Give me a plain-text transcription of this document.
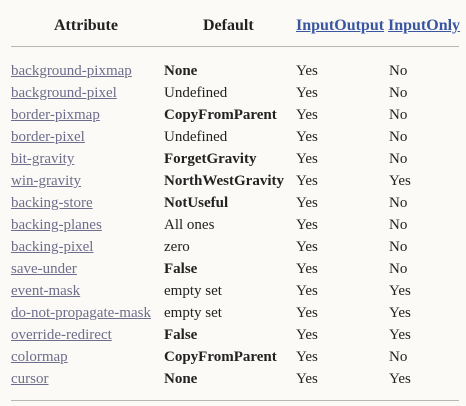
Attribute	Default	InputOutput InputOnly
background-pixmap None	Yes	No
background-pixel	Undefined	Yes	No
border-pixmap	CopyFromParent Yes	No
border-pixel	Undefined	Yes	No
bit-gravity	ForgetGravity	Yes	No
win-gravity	NorthWestGravity Yes	Yes
backing-store	NotUseful	Yes	No
backing-planes	All ones	Yes	No
backing-pixel	zero	Yes	No
save-under	False	Yes	No
event-mask	empty set	Yes	Yes
do-not-propagate-mask empty set	Yes	Yes
override-redirect	False	Yes	Yes
colormap	CopyFromParent Yes	No
cursor	None	Yes	Yes
